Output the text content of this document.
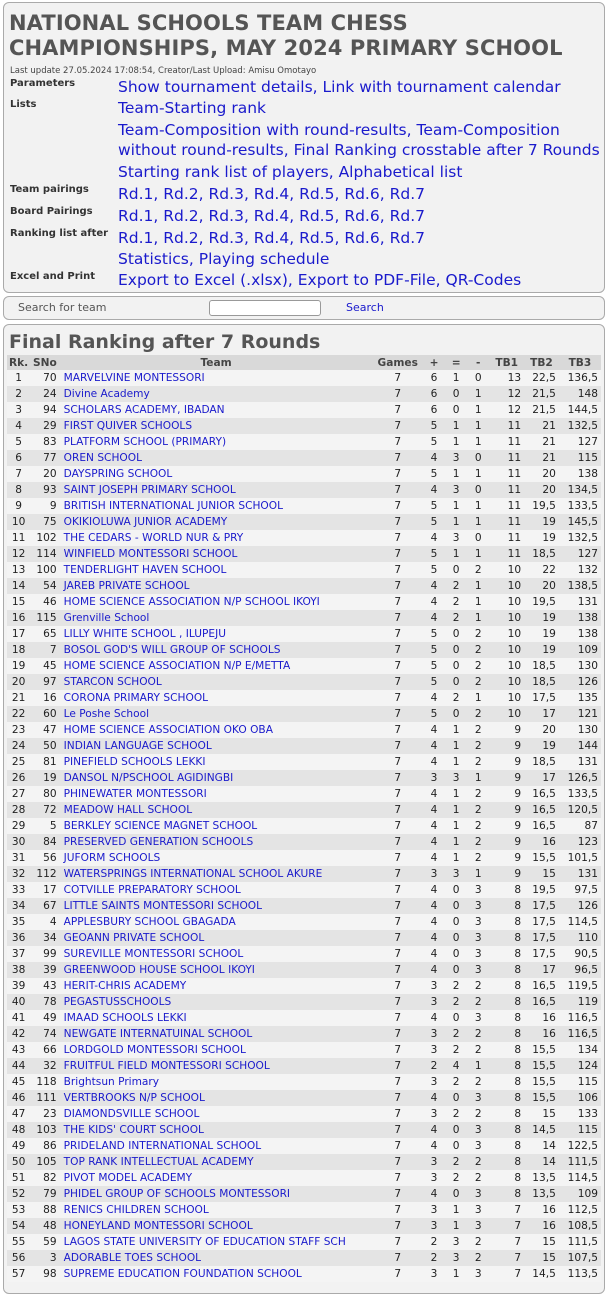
NATIONAL SCHOOLS TEAM CHESS
CHAMPIONSHIPS, MAY 2024 PRIMARY SCHOOL
Last update 27.05.2024 17:08:54, Creator/Last Upload: Amisu Omotayo
Parameters	Show tournament details, Link with tournament calendar
Lists	Team-Starting rank
Team-Composition with round-results, Team-Composition
without round-results, Final Ranking crosstable after 7 Rounds
Starting rank list of players, Alphabetical list
Team pairings Rd.1, Rd.2, Rd.3, Rd.4, Rd.5, Rd.6, Rd.7
Board Pairings Rd.1, Rd.2, Rd.3, Rd.4, Rd.5, Rd.6, Rd.7
Ranking list after Rd.1, Rd.2, Rd.3, Rd.4, Rd.5, Rd.6, Rd.7
Statistics, Playing schedule
Excel and Print Export to Excel (.xlsx), Export to PDF-File, QR-Codes
Search for team	Search
Final Ranking after 7 Rounds
Rk.	SNo	Team	Games	+	=	-	TB1	TB2	TB3
1	70	MARVELVINE MONTESSORI	7	6	1	0	13	22,5	136,5
2	24	Divine Academy	7	6	0	1	12	21,5	148
3	94	SCHOLARS ACADEMY, IBADAN	7	6	0	1	12	21,5	144,5
4	29	FIRST QUIVER SCHOOLS	7	5	1	1	11	21	132,5
5	83	PLATFORM SCHOOL (PRIMARY)	7	5	1	1	11	21	127
6	77	OREN SCHOOL	7	4	3	0	11	21	115
7	20	DAYSPRING SCHOOL	7	5	1	1	11	20	138
8	93	SAINT JOSEPH PRIMARY SCHOOL	7	4	3	0	11	20	134,5
9	9	BRITISH INTERNATIONAL JUNIOR SCHOOL	7	5	1	1	11	19,5	133,5
10	75	OKIKIOLUWA JUNIOR ACADEMY	7	5	1	1	11	19	145,5
11	102	THE CEDARS - WORLD NUR & PRY	7	4	3	0	11	19	132,5
12	114	WINFIELD MONTESSORI SCHOOL	7	5	1	1	11	18,5	127
13	100	TENDERLIGHT HAVEN SCHOOL	7	5	0	2	10	22	132
14	54	JAREB PRIVATE SCHOOL	7	4	2	1	10	20	138,5
15	46	HOME SCIENCE ASSOCIATION N/P SCHOOL IKOYI	7	4	2	1	10	19,5	131
16	115	Grenville School	7	4	2	1	10	19	138
17	65	LILLY WHITE SCHOOL , ILUPEJU	7	5	0	2	10	19	138
18	7	BOSOL GOD'S WILL GROUP OF SCHOOLS	7	5	0	2	10	19	109
19	45	HOME SCIENCE ASSOCIATION N/P E/METTA	7	5	0	2	10	18,5	130
20	97	STARCON SCHOOL	7	5	0	2	10	18,5	126
21	16	CORONA PRIMARY SCHOOL	7	4	2	1	10	17,5	135
22	60	Le Poshe School	7	5	0	2	10	17	121
23	47	HOME SCIENCE ASSOCIATION OKO OBA	7	4	1	2	9	20	130
24	50	INDIAN LANGUAGE SCHOOL	7	4	1	2	9	19	144
25	81	PINEFIELD SCHOOLS LEKKI	7	4	1	2	9	18,5	131
26	19	DANSOL N/PSCHOOL AGIDINGBI	7	3	3	1	9	17	126,5
27	80	PHINEWATER MONTESSORI	7	4	1	2	9	16,5	133,5
28	72	MEADOW HALL SCHOOL	7	4	1	2	9	16,5	120,5
29	5	BERKLEY SCIENCE MAGNET SCHOOL	7	4	1	2	9	16,5	87
30	84	PRESERVED GENERATION SCHOOLS	7	4	1	2	9	16	123
31	56	JUFORM SCHOOLS	7	4	1	2	9	15,5	101,5
32	112	WATERSPRINGS INTERNATIONAL SCHOOL AKURE	7	3	3	1	9	15	131
33	17	COTVILLE PREPARATORY SCHOOL	7	4	0	3	8	19,5	97,5
34	67	LITTLE SAINTS MONTESSORI SCHOOL	7	4	0	3	8	17,5	126
35	4	APPLESBURY SCHOOL GBAGADA	7	4	0	3	8	17,5	114,5
36	34	GEOANN PRIVATE SCHOOL	7	4	0	3	8	17,5	110
37	99	SUREVILLE MONTESSORI SCHOOL	7	4	0	3	8	17,5	90,5
38	39	GREENWOOD HOUSE SCHOOL IKOYI	7	4	0	3	8	17	96,5
39	43	HERIT-CHRIS ACADEMY	7	3	2	2	8	16,5	119,5
40	78	PEGASTUSSCHOOLS	7	3	2	2	8	16,5	119
41	49	IMAAD SCHOOLS LEKKI	7	4	0	3	8	16	116,5
42	74	NEWGATE INTERNATUINAL SCHOOL	7	3	2	2	8	16	116,5
43	66	LORDGOLD MONTESSORI SCHOOL	7	3	2	2	8	15,5	134
44	32	FRUITFUL FIELD MONTESSORI SCHOOL	7	2	4	1	8	15,5	124
45	118	Brightsun Primary	7	3	2	2	8	15,5	115
46	111	VERTBROOKS N/P SCHOOL	7	4	0	3	8	15,5	106
47	23	DIAMONDSVILLE SCHOOL	7	3	2	2	8	15	133
48	103	THE KIDS' COURT SCHOOL	7	4	0	3	8	14,5	115
49	86	PRIDELAND INTERNATIONAL SCHOOL	7	4	0	3	8	14	122,5
50	105	TOP RANK INTELLECTUAL ACADEMY	7	3	2	2	8	14	111,5
51	82	PIVOT MODEL ACADEMY	7	3	2	2	8	13,5	114,5
52	79	PHIDEL GROUP OF SCHOOLS MONTESSORI	7	4	0	3	8	13,5	109
53	88	RENICS CHILDREN SCHOOL	7	3	1	3	7	16	112,5
54	48	HONEYLAND MONTESSORI SCHOOL	7	3	1	3	7	16	108,5
55	59	LAGOS STATE UNIVERSITY OF EDUCATION STAFF SCH	7	2	3	2	7	15	111,5
56	3	ADORABLE TOES SCHOOL	7	2	3	2	7	15	107,5
57	98	SUPREME EDUCATION FOUNDATION SCHOOL	7	3	1	3	7	14,5	113,5
